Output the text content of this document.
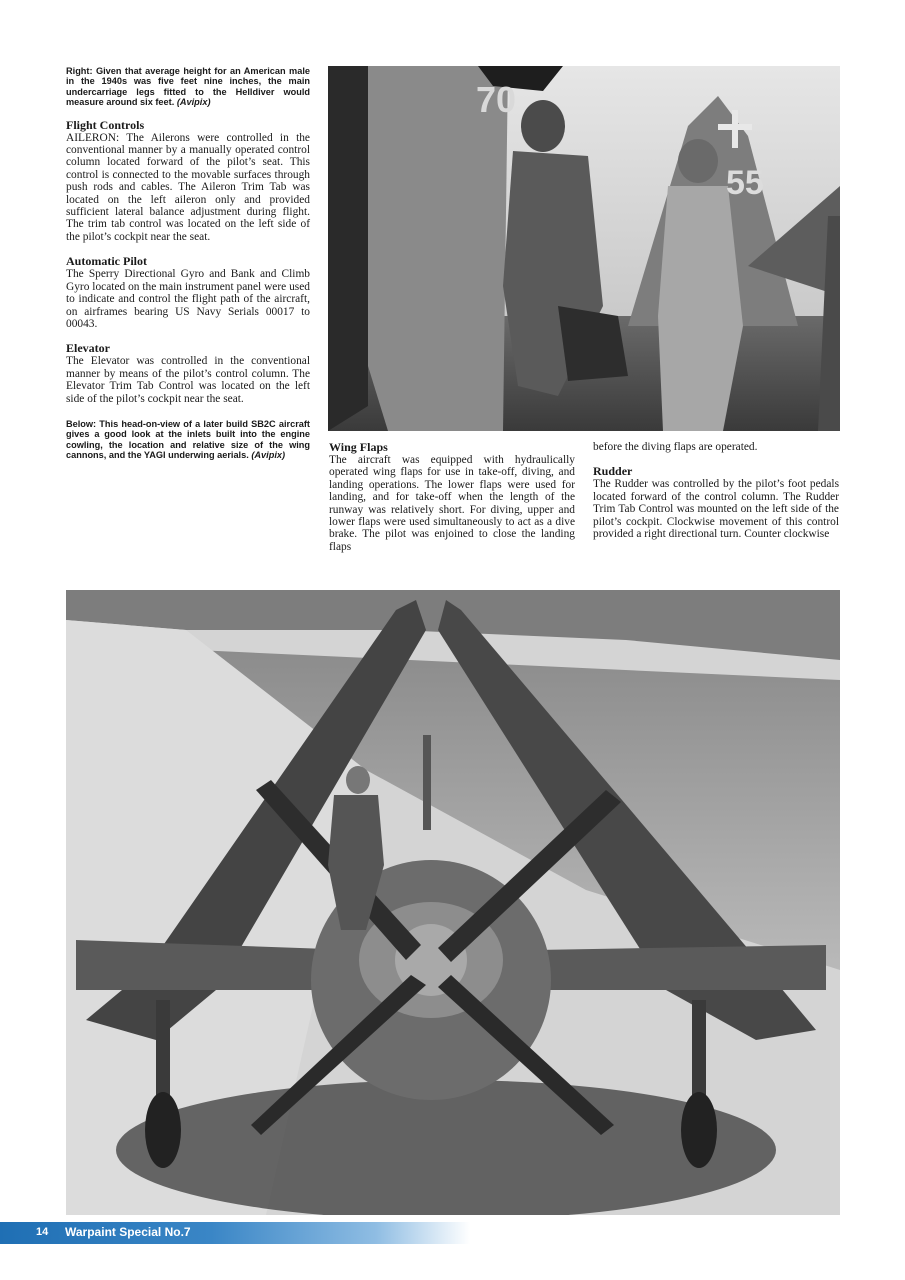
Right: Given that average height for an American male in the 1940s was five feet nine inches, the main undercarriage legs fitted to the Helldiver would measure around six feet. (Avipix)

Flight Controls

AILERON: The Ailerons were controlled in the conventional manner by a manually operated control column located forward of the pilot’s seat. This control is connected to the movable surfaces through push rods and cables. The Aileron Trim Tab was located on the left aileron only and provided sufficient lateral balance adjustment during flight. The trim tab control was located on the left side of the pilot’s cockpit near the seat.

Automatic Pilot

The Sperry Directional Gyro and Bank and Climb Gyro located on the main instrument panel were used to indicate and control the flight path of the aircraft, on airframes bearing US Navy Serials 00017 to 00043.

Elevator

The Elevator was controlled in the conventional manner by means of the pilot’s control column. The Elevator Trim Tab Control was located on the left side of the pilot’s cockpit near the seat.

Below: This head-on-view of a later build SB2C aircraft gives a good look at the inlets built into the engine cowling, the location and relative size of the wing cannons, and the YAGI underwing aerials. (Avipix)

70
55
Wing Flaps

The aircraft was equipped with hydraulically operated wing flaps for use in take-off, diving, and landing operations. The lower flaps were used for landing, and for take-off when the length of the runway was relatively short. For diving, upper and lower flaps were used simultaneously to act as a dive brake. The pilot was enjoined to close the landing flaps

before the diving flaps are operated.

Rudder

The Rudder was controlled by the pilot’s foot pedals located forward of the control column. The Rudder Trim Tab Control was mounted on the left side of the pilot’s cockpit. Clockwise movement of this control provided a right directional turn. Counter clockwise

14 Warpaint Special No.7
